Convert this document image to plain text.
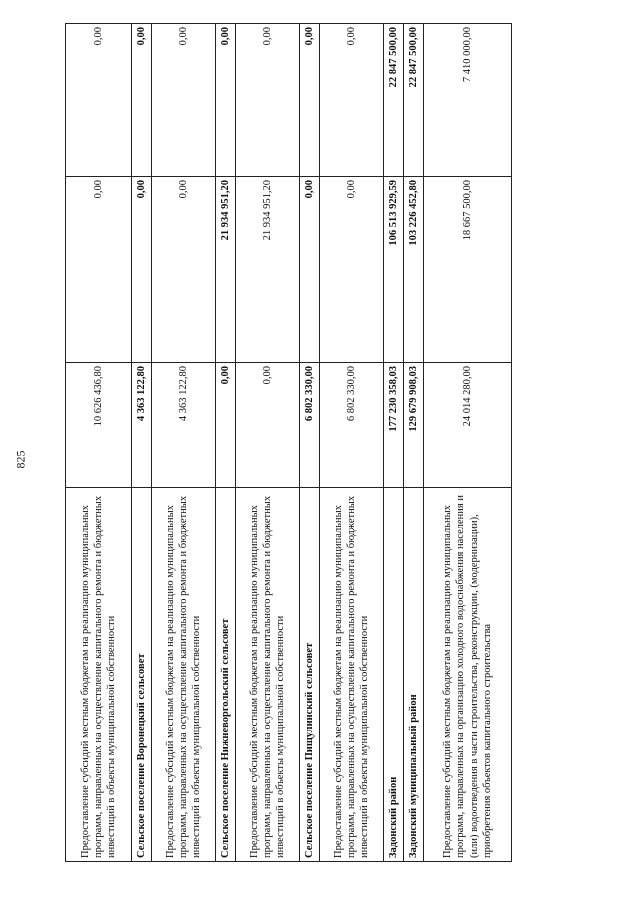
825
Предоставление субсидий местным бюджетам на реализацию муниципальных программ, направленных на осуществление капитального ремонта и бюджетных инвестиций в объекты муниципальной собственности	10 626 436,80	0,00	0,00
Сельское поселение Воронецкий сельсовет	4 363 122,80	0,00	0,00
Предоставление субсидий местным бюджетам на реализацию муниципальных программ, направленных на осуществление капитального ремонта и бюджетных инвестиций в объекты муниципальной собственности	4 363 122,80	0,00	0,00
Сельское поселение Нижневоргольский сельсовет	0,00	21 934 951,20	0,00
Предоставление субсидий местным бюджетам на реализацию муниципальных программ, направленных на осуществление капитального ремонта и бюджетных инвестиций в объекты муниципальной собственности	0,00	21 934 951,20	0,00
Сельское поселение Пищулинский сельсовет	6 802 330,00	0,00	0,00
Предоставление субсидий местным бюджетам на реализацию муниципальных программ, направленных на осуществление капитального ремонта и бюджетных инвестиций в объекты муниципальной собственности	6 802 330,00	0,00	0,00
Задонский район	177 230 358,03	106 513 929,59	22 847 500,00
Задонский муниципальный район	129 679 908,03	103 226 452,80	22 847 500,00
Предоставление субсидий местным бюджетам на реализацию муниципальных программ, направленных на организацию холодного водоснабжения населения и (или) водоотведения в части строительства, реконструкции, (модернизации), приобретения объектов капитального строительства	24 014 280,00	18 667 500,00	7 410 000,00
